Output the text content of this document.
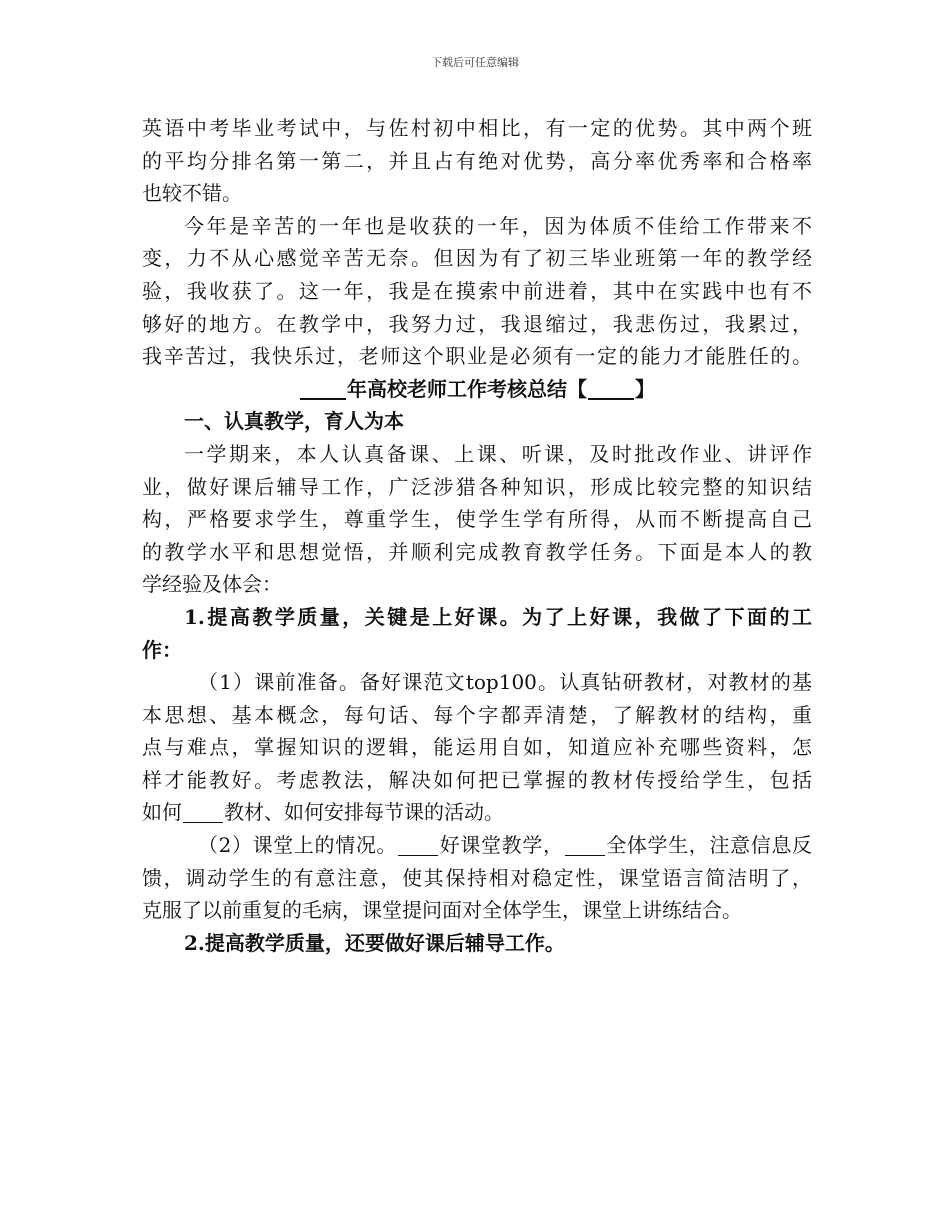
下载后可任意编辑
英语中考毕业考试中，与佐村初中相比，有一定的优势。其中两个班
的平均分排名第一第二，并且占有绝对优势，高分率优秀率和合格率
也较不错。
今年是辛苦的一年也是收获的一年，因为体质不佳给工作带来不
变，力不从心感觉辛苦无奈。但因为有了初三毕业班第一年的教学经
验，我收获了。这一年，我是在摸索中前进着，其中在实践中也有不
够好的地方。在教学中，我努力过，我退缩过，我悲伤过，我累过，
我辛苦过，我快乐过，老师这个职业是必须有一定的能力才能胜任的。
年高校老师工作考核总结【 】
一、认真教学，育人为本
一学期来，本人认真备课、上课、听课，及时批改作业、讲评作
业，做好课后辅导工作，广泛涉猎各种知识，形成比较完整的知识结
构，严格要求学生，尊重学生，使学生学有所得，从而不断提高自己
的教学水平和思想觉悟，并顺利完成教育教学任务。下面是本人的教
学经验及体会：
1.提高教学质量，关键是上好课。为了上好课，我做了下面的工
作：
（1）课前准备。备好课范文top100。认真钻研教材，对教材的基
本思想、基本概念，每句话、每个字都弄清楚，了解教材的结构，重
点与难点，掌握知识的逻辑，能运用自如，知道应补充哪些资料，怎
样才能教好。考虑教法，解决如何把已掌握的教材传授给学生，包括
如何 教材、如何安排每节课的活动。
（2）课堂上的情况。 好课堂教学， 全体学生，注意信息反
馈，调动学生的有意注意，使其保持相对稳定性，课堂语言简洁明了，
克服了以前重复的毛病，课堂提问面对全体学生，课堂上讲练结合。
2.提高教学质量，还要做好课后辅导工作。
